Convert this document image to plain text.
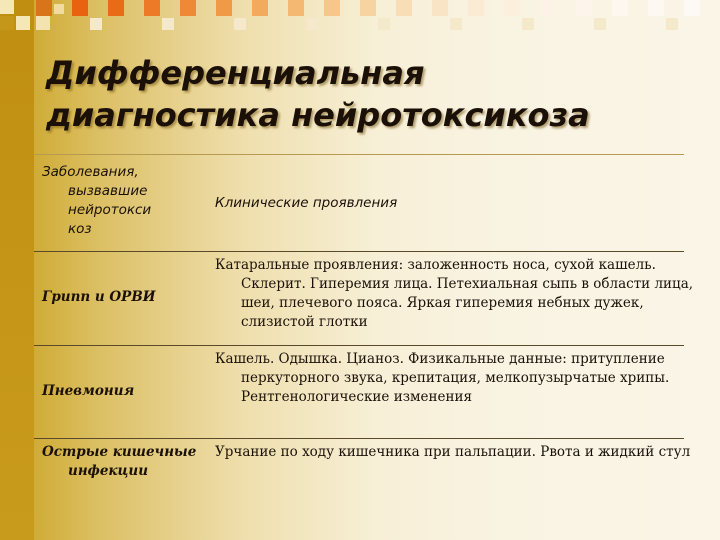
Дифференциальная
диагностика нейротоксикоза
Заболевания, вызвавшие нейротокси коз
Клинические проявления
Грипп и ОРВИ
Катаральные проявления: заложенность носа, сухой кашель. Склерит. Гиперемия лица. Петехиальная сыпь в области лица, шеи, плечевого пояса. Яркая гиперемия небных дужек, слизистой глотки
Пневмония
Кашель. Одышка. Цианоз. Физикальные данные: притупление перкуторного звука, крепитация, мелкопузырчатые хрипы. Рентгенологические изменения
Острые кишечные инфекции
Урчание по ходу кишечника при пальпации. Рвота и жидкий стул
